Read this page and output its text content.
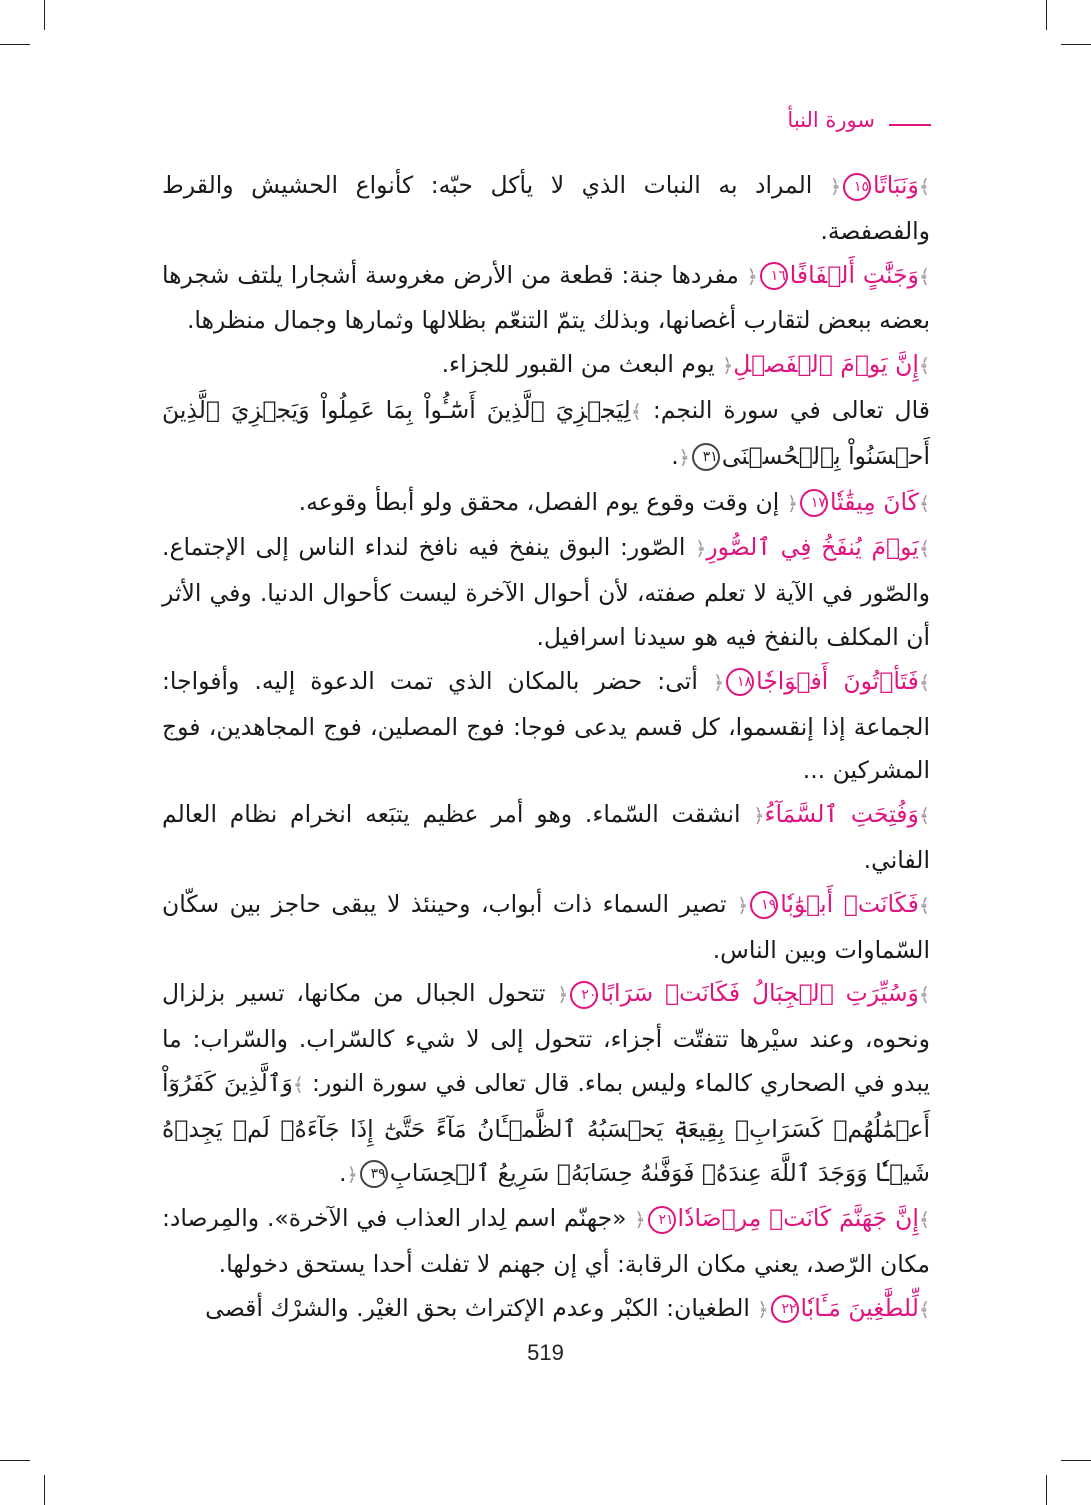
سورة النبأ
﴾وَنَبَاتًا١٥﴿ المراد به النبات الذي لا يأكل حبّه: كأنواع الحشيش والقرط والفصفصة.
﴾وَجَنَّٰتٍ أَلۡفَافًا١٦﴿ مفردها جنة: قطعة من الأرض مغروسة أشجارا يلتف شجرها بعضه ببعض لتقارب أغصانها، وبذلك يتمّ التنعّم بظلالها وثمارها وجمال منظرها.
﴾إِنَّ يَوۡمَ ٱلۡفَصۡلِ﴿ يوم البعث من القبور للجزاء.
قال تعالى في سورة النجم: ﴾لِيَجۡزِيَ ٱلَّذِينَ أَسَٰٓـُٔواْ بِمَا عَمِلُواْ وَيَجۡزِيَ ٱلَّذِينَ أَحۡسَنُواْ بِٱلۡحُسۡنَى٣١﴿.
﴾كَانَ مِيقَٰتٗا١٧﴿ إن وقت وقوع يوم الفصل، محقق ولو أبطأ وقوعه.
﴾يَوۡمَ يُنفَخُ فِي ٱلصُّورِ﴿ الصّور: البوق ينفخ فيه نافخ لنداء الناس إلى الإجتماع. والصّور في الآية لا تعلم صفته، لأن أحوال الآخرة ليست كأحوال الدنيا. وفي الأثر أن المكلف بالنفخ فيه هو سيدنا اسرافيل.
﴾فَتَأۡتُونَ أَفۡوَاجٗا١٨﴿ أتى: حضر بالمكان الذي تمت الدعوة إليه. وأفواجا: الجماعة إذا إنقسموا، كل قسم يدعى فوجا: فوج المصلين، فوج المجاهدين، فوج المشركين ...
﴾وَفُتِحَتِ ٱلسَّمَآءُ﴿ انشقت السّماء. وهو أمر عظيم يتبَعه انخرام نظام العالم الفاني.
﴾فَكَانَتۡ أَبۡوَٰبٗا١٩﴿ تصير السماء ذات أبواب، وحينئذ لا يبقى حاجز بين سكّان السّماوات وبين الناس.
﴾وَسُيِّرَتِ ٱلۡجِبَالُ فَكَانَتۡ سَرَابًا٢٠﴿ تتحول الجبال من مكانها، تسير بزلزال ونحوه، وعند سيْرها تتفتّت أجزاء، تتحول إلى لا شيء كالسّراب. والسّراب: ما يبدو في الصحاري كالماء وليس بماء. قال تعالى في سورة النور: ﴾وَٱلَّذِينَ كَفَرُوٓاْ أَعۡمَٰلُهُمۡ كَسَرَابِۭ بِقِيعَةٖ يَحۡسَبُهُ ٱلظَّمۡـَٔانُ مَآءً حَتَّىٰٓ إِذَا جَآءَهُۥ لَمۡ يَجِدۡهُ شَيۡـٔٗا وَوَجَدَ ٱللَّهَ عِندَهُۥ فَوَفَّىٰهُ حِسَابَهُۥ سَرِيعُ ٱلۡحِسَابِ٣٩﴿.
﴾إِنَّ جَهَنَّمَ كَانَتۡ مِرۡصَادٗا٢١﴿ «جهنّم اسم لِدار العذاب في الآخرة». والمِرصاد: مكان الرّصد، يعني مكان الرقابة: أي إن جهنم لا تفلت أحدا يستحق دخولها.
﴾لِّلطَّٰغِينَ مَـَٔابٗا٢٢﴿ الطغيان: الكبْر وعدم الإكتراث بحق الغيْر. والشرْك أقصى
519
